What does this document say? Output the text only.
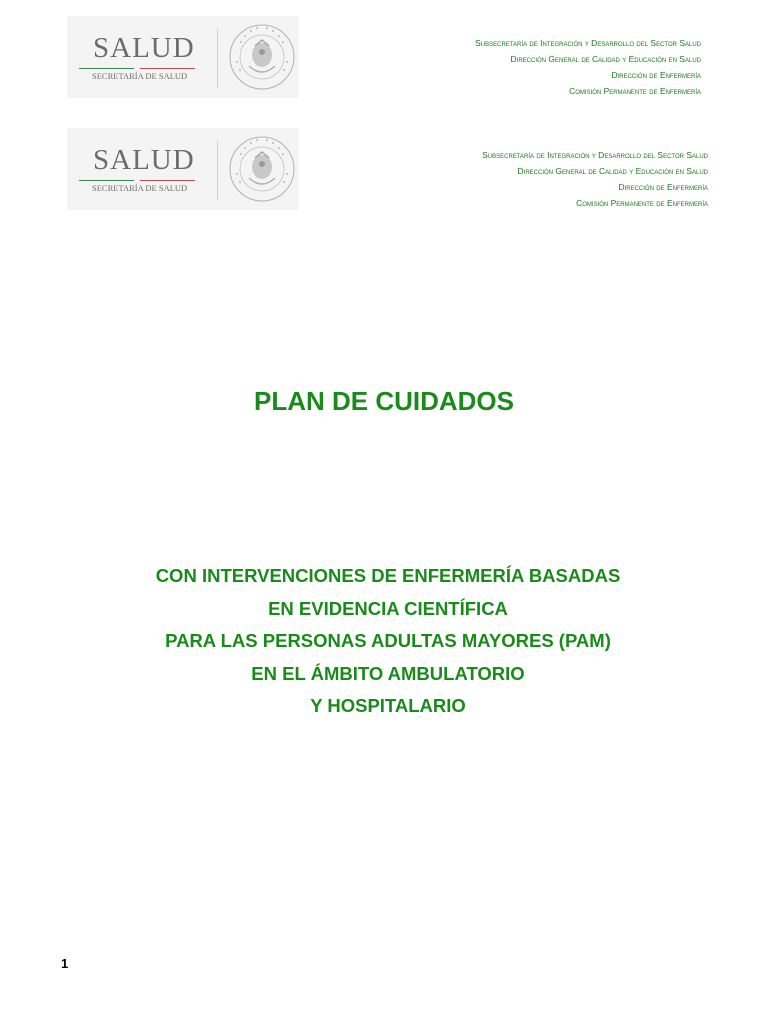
SALUD
SECRETARÍA DE SALUD
Subsecretaría de Integración y Desarrollo del Sector Salud
Dirección General de Calidad y Educación en Salud
Dirección de Enfermería
Comisión Permanente de Enfermería
SALUD
SECRETARÍA DE SALUD
Subsecretaría de Integración y Desarrollo del Sector Salud
Dirección General de Calidad y Educación en Salud
Dirección de Enfermería
Comisión Permanente de Enfermería
PLAN DE CUIDADOS
CON INTERVENCIONES DE ENFERMERÍA BASADAS
EN EVIDENCIA CIENTÍFICA
PARA LAS PERSONAS ADULTAS MAYORES (PAM)
EN EL ÁMBITO AMBULATORIO
Y HOSPITALARIO
1
